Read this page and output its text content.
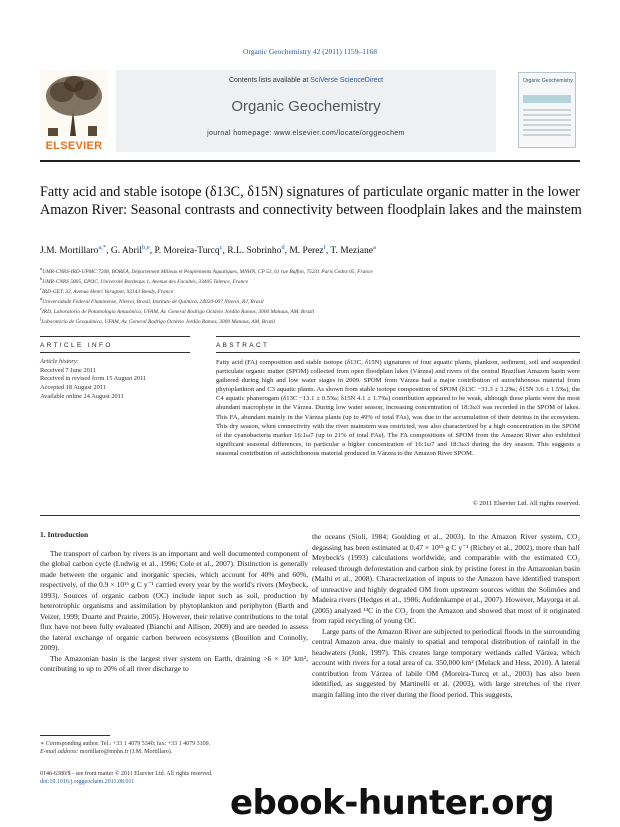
Organic Geochemistry 42 (2011) 1159–1168
ELSEVIER
Contents lists available at SciVerse ScienceDirect
Organic Geochemistry
journal homepage: www.elsevier.com/locate/orggeochem
Organic Geochemistry
Fatty acid and stable isotope (δ13C, δ15N) signatures of particulate organic matter in the lower Amazon River: Seasonal contrasts and connectivity between floodplain lakes and the mainstem
J.M. Mortillaro$^{a,*}$, G. Abril$^{b,e}$, P. Moreira-Turcq$^c$, R.L. Sobrinho$^d$, M. Perez$^f$, T. Meziane$^a$
$^a$UMR-CNRS-IRD-UPMC 7208, BOREA, Département Milieux et Peuplements Aquatiques, MNHN, CP 53, 61 rue Buffon, 75231 Paris Cedex 05, France
$^b$UMR-CNRS 5805, EPOC, Université Bordeaux 1, Avenue des Facultés, 33405 Talence, France
$^c$IRD-GET, 32, Avenue Henri Varagnat, 93143 Bondy, France
$^d$Universidade Federal Fluminense, Niteroi, Brasil, Instituto de Química, 24020-007 Niteroi, RJ, Brasil
$^e$IRD, Laboratorio de Potamologia Amazônica, UFAM, Av. General Rodrigo Octávio Jordão Ramos, 3000 Manaus, AM, Brazil
$^f$Laboratório de Geoquímica, UFAM, Av. General Rodrigo Octávio Jordão Ramos, 3000 Manaus, AM, Brazil
ARTICLE INFO	ABSTRACT
Article history:
Received 7 June 2011
Received in revised form 15 August 2011
Accepted 18 August 2011
Available online 24 August 2011
Fatty acid (FA) composition and stable isotope (δ13C, δ15N) signatures of four aquatic plants, plankton, sediment, soil and suspended particulate organic matter (SPOM) collected from open floodplain lakes (Várzea) and rivers of the central Brazilian Amazon basin were gathered during high and low water stages in 2009. SPOM from Várzea had a major contribution of autochthonous material from phytoplankton and C3 aquatic plants. As shown from stable isotope composition of SPOM (δ13C −31.3 ± 3.2‰; δ15N 3.6 ± 1.5‰), the C4 aquatic phanerogam (δ13C −13.1 ± 0.5‰; δ15N 4.1 ± 1.7‰) contribution appeared to be weak, although these plants were the most abundant macrophyte in the Várzea. During low water season, increasing concentration of 18:3ω3 was recorded in the SPOM of lakes. This FA, abundant mainly in the Várzea plants (up to 49% of total FAs), was due to the accumulation of their detritus in the ecosystem. This dry season, when connectivity with the river mainstem was restricted, was also characterized by a high concentration in the SPOM of the cyanobacteria marker 16:1ω7 (up to 21% of total FAs). The FA compositions of SPOM from the Amazon River also exhibited significant seasonal differences, in particular a higher concentration of 16:1ω7 and 18:3ω3 during the dry season. This suggests a seasonal contribution of autochthonous material produced in Várzea to the Amazon River SPOM.
© 2011 Elsevier Ltd. All rights reserved.
1. Introduction

The transport of carbon by rivers is an important and well documented component of the global carbon cycle (Ludwig et al., 1996; Cole et al., 2007). Distinction is generally made between the organic and inorganic species, which account for 40% and 60%, respectively, of the 0.9 × 10¹⁵ g C y⁻¹ carried every year by the world's rivers (Meybeck, 1993). Sources of organic carbon (OC) include input such as soil, production by heterotrophic organisms and assimilation by phytoplankton and periphyton (Barth and Veizer, 1999; Duarte and Prairie, 2005). However, their relative contributions to the total flux have not been fully evaluated (Bianchi and Allison, 2009) and are needed to assess the lateral exchange of organic carbon between ecosystems (Bouillon and Connolly, 2009).

The Amazonian basin is the largest river system on Earth, draining >6 × 10⁶ km², contributing to up to 20% of all river discharge to

the oceans (Sioli, 1984; Goulding et al., 2003). In the Amazon River system, CO₂ degassing has been estimated at 0.47 × 10¹⁵ g C y⁻¹ (Richey et al., 2002), more than half Meybeck's (1993) calculations worldwide, and comparable with the estimated CO₂ released through deforestation and carbon sink by pristine forest in the Amazonian basin (Malhi et al., 2008). Characterization of inputs to the Amazon have identified transport of unreactive and highly degraded OM from upstream sources within the Solimões and Madeira rivers (Hedges et al., 1986; Aufdenkampe et al., 2007). However, Mayorga et al. (2005) analyzed ¹⁴C in the CO₂ from the Amazon and showed that most of it originated from rapid recycling of young OC.

Large parts of the Amazon River are subjected to periodical floods in the surrounding central Amazon area, due mainly to spatial and temporal distribution of rainfall in the headwaters (Junk, 1997). This creates large temporary wetlands called Várzea, which account with rivers for a total area of ca. 350,000 km² (Melack and Hess, 2010). A lateral contribution from Várzea of labile OM (Moreira-Turcq et al., 2003) has also been identified, as suggested by Martinelli et al. (2003), with large stretches of the river margin falling into the river during the flood period. This suggests,

∗ Corresponding author. Tel.: +33 1 4079 5340; fax: +33 1 4079 3109.
E-mail address: mortillaro@mnhn.fr (J.M. Mortillaro).
0146-6380/$ - see front matter © 2011 Elsevier Ltd. All rights reserved.
doi:10.1016/j.orggeochem.2011.08.011
ebook-hunter.org
